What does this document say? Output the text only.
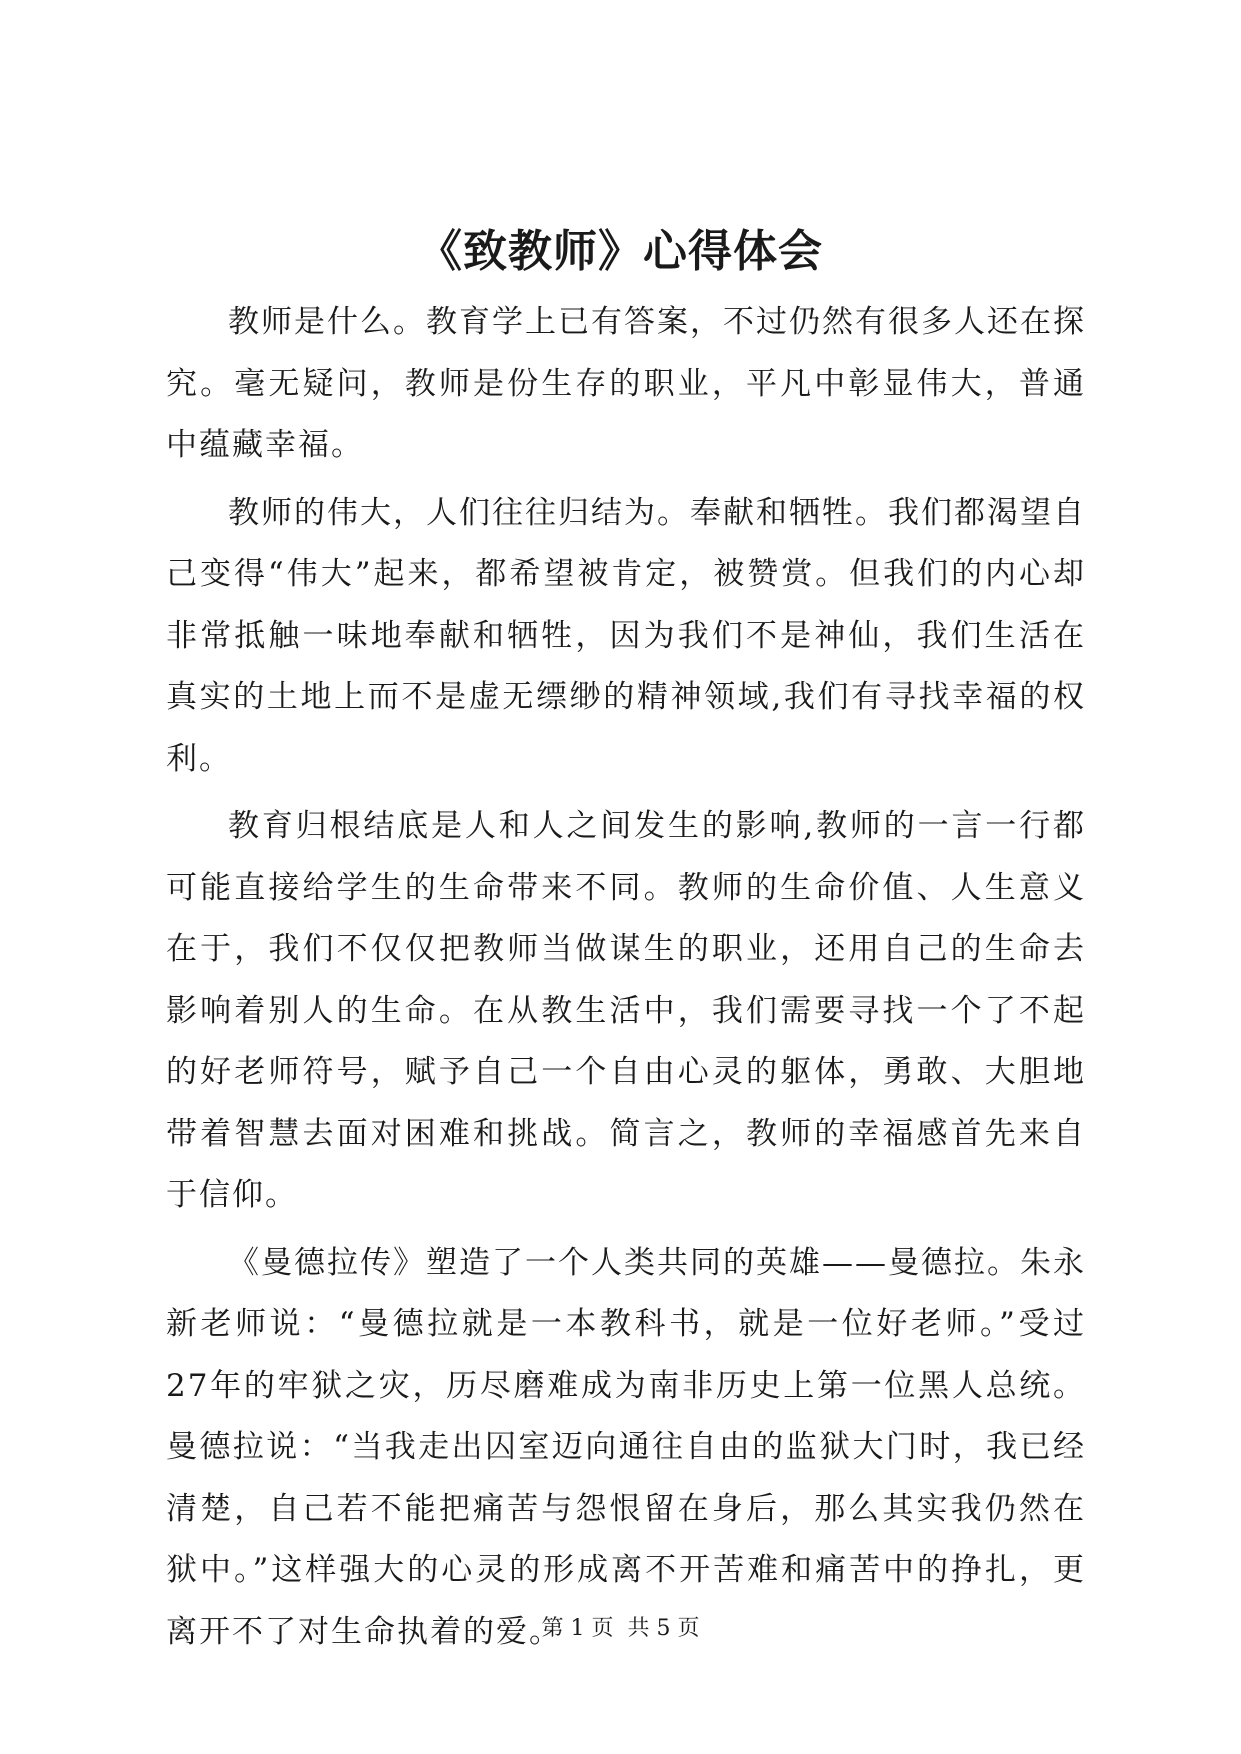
《致教师》心得体会

教师是什么。教育学上已有答案，不过仍然有很多人还在探究。毫无疑问，教师是份生存的职业，平凡中彰显伟大，普通中蕴藏幸福。

教师的伟大，人们往往归结为。奉献和牺牲。我们都渴望自己变得“伟大”起来，都希望被肯定，被赞赏。但我们的内心却非常抵触一味地奉献和牺牲，因为我们不是神仙，我们生活在真实的土地上而不是虚无缥缈的精神领域,我们有寻找幸福的权利。

教育归根结底是人和人之间发生的影响,教师的一言一行都可能直接给学生的生命带来不同。教师的生命价值、人生意义在于，我们不仅仅把教师当做谋生的职业，还用自己的生命去影响着别人的生命。在从教生活中，我们需要寻找一个了不起的好老师符号，赋予自己一个自由心灵的躯体，勇敢、大胆地带着智慧去面对困难和挑战。简言之，教师的幸福感首先来自于信仰。

《曼德拉传》塑造了一个人类共同的英雄——曼德拉。朱永新老师说：“曼德拉就是一本教科书，就是一位好老师。”受过27年的牢狱之灾，历尽磨难成为南非历史上第一位黑人总统。曼德拉说：“当我走出囚室迈向通往自由的监狱大门时，我已经清楚，自己若不能把痛苦与怨恨留在身后，那么其实我仍然在狱中。”这样强大的心灵的形成离不开苦难和痛苦中的挣扎，更离开不了对生命执着的爱。

第 1 页 共 5 页
